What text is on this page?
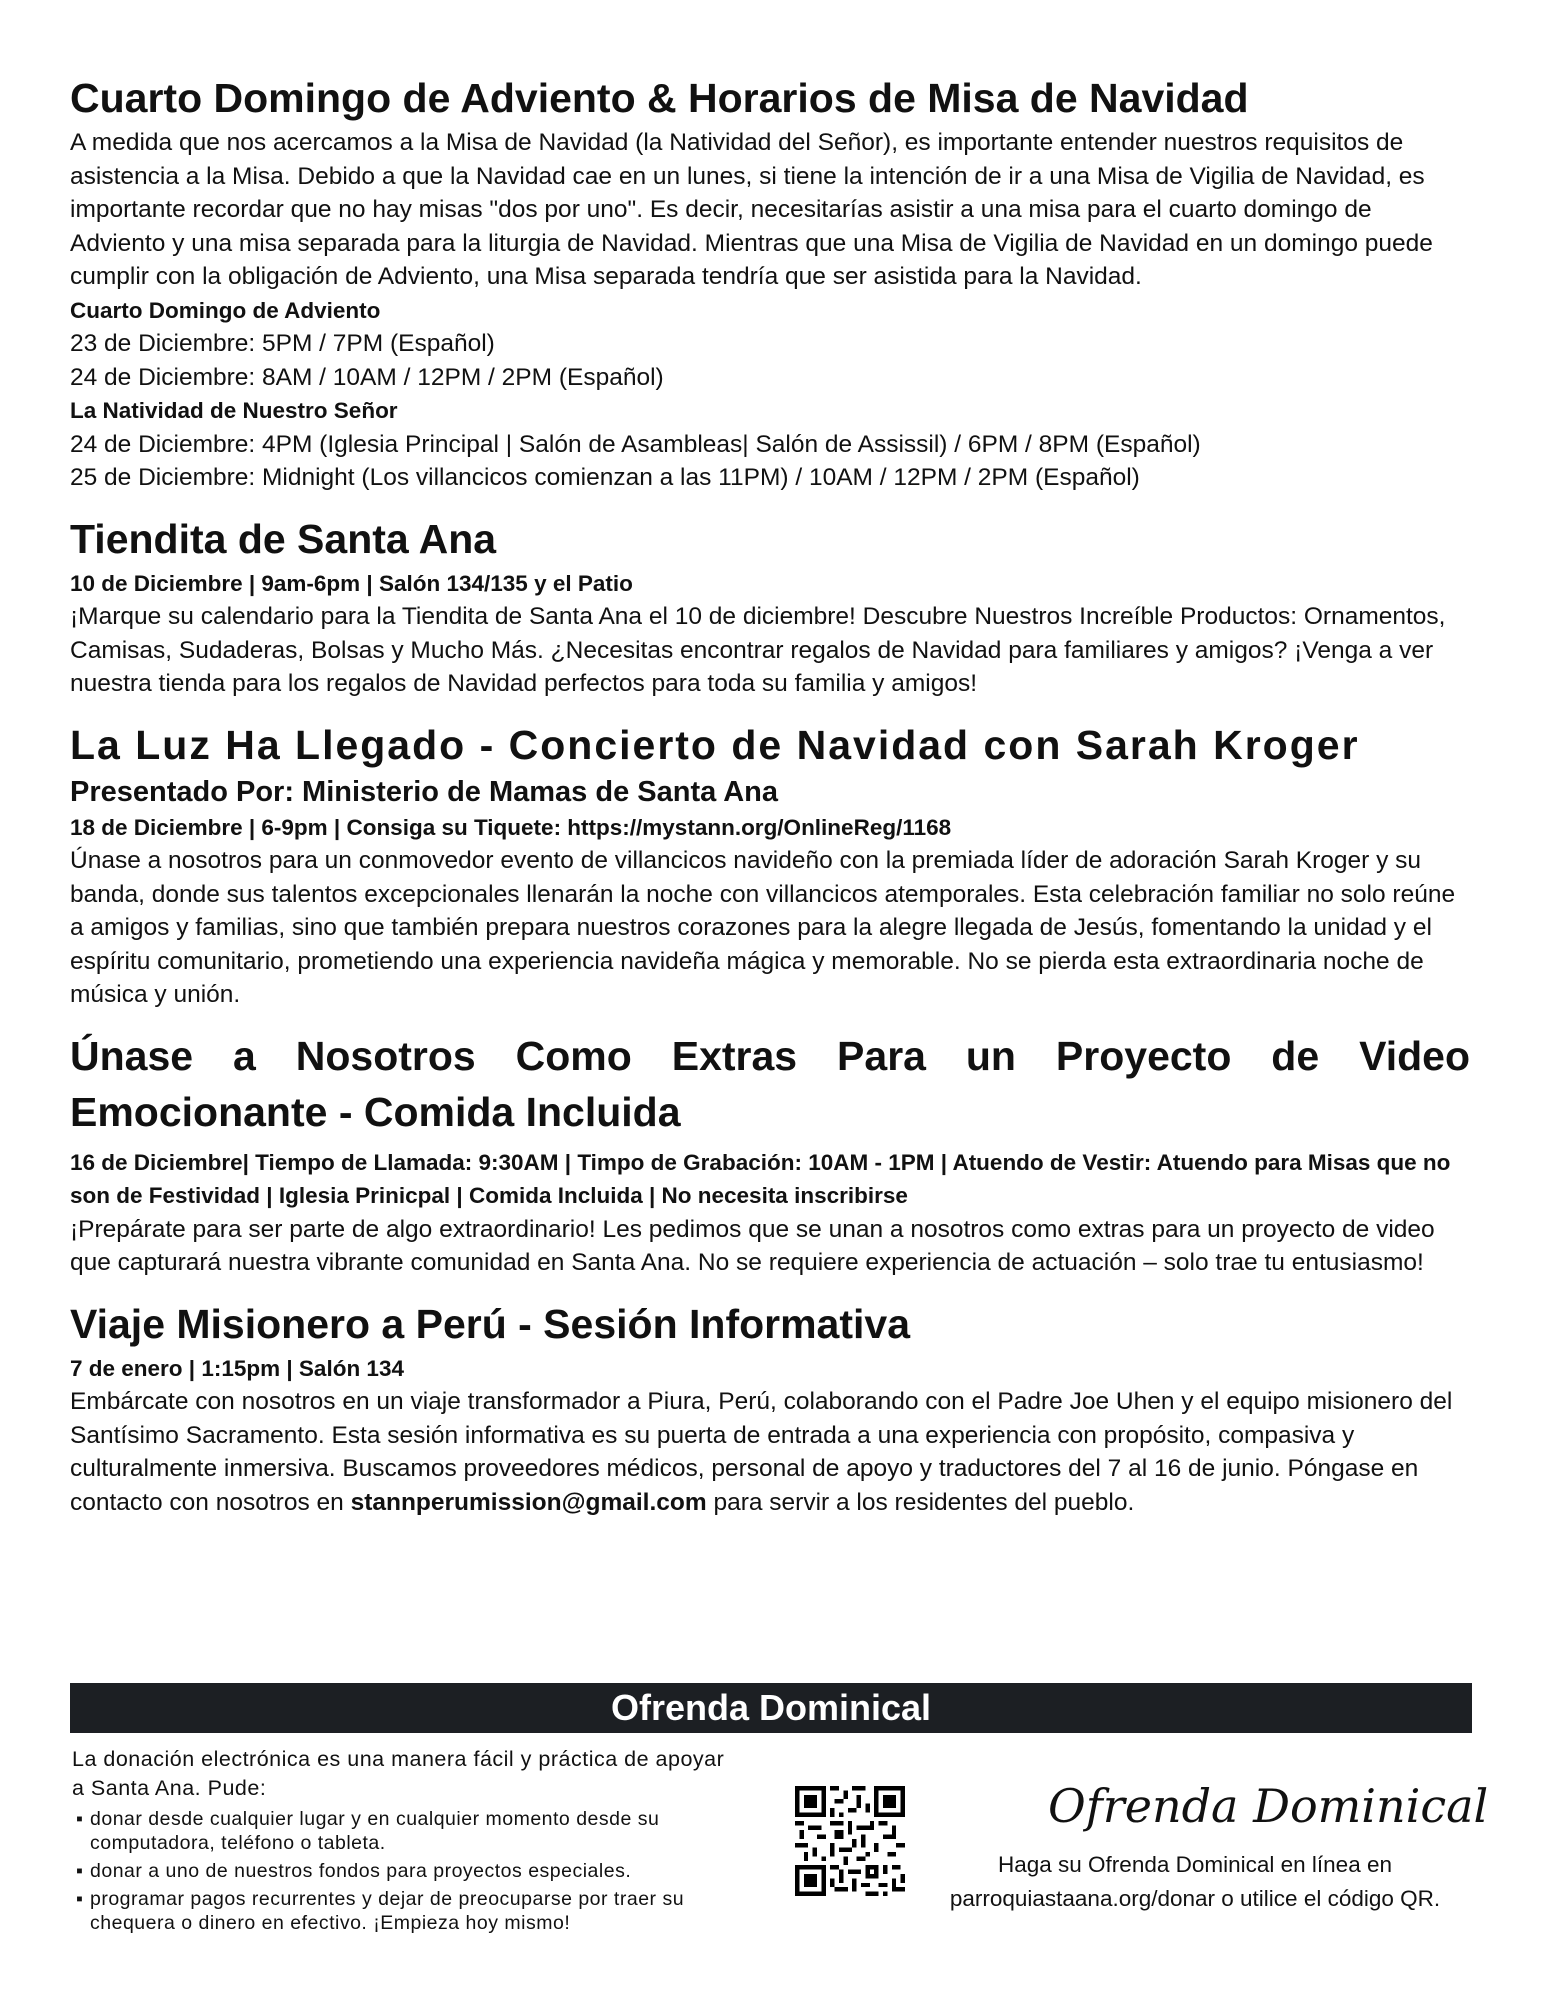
Cuarto Domingo de Adviento & Horarios de Misa de Navidad

A medida que nos acercamos a la Misa de Navidad (la Natividad del Señor), es importante entender nuestros requisitos de asistencia a la Misa. Debido a que la Navidad cae en un lunes, si tiene la intención de ir a una Misa de Vigilia de Navidad, es importante recordar que no hay misas "dos por uno". Es decir, necesitarías asistir a una misa para el cuarto domingo de Adviento y una misa separada para la liturgia de Navidad. Mientras que una Misa de Vigilia de Navidad en un domingo puede cumplir con la obligación de Adviento, una Misa separada tendría que ser asistida para la Navidad.

Cuarto Domingo de Adviento

23 de Diciembre: 5PM / 7PM (Español)

24 de Diciembre: 8AM / 10AM / 12PM / 2PM (Español)

La Natividad de Nuestro Señor

24 de Diciembre: 4PM (Iglesia Principal | Salón de Asambleas| Salón de Assissil) / 6PM / 8PM (Español)

25 de Diciembre: Midnight (Los villancicos comienzan a las 11PM) / 10AM / 12PM / 2PM (Español)

Tiendita de Santa Ana

10 de Diciembre | 9am-6pm | Salón 134/135 y el Patio

¡Marque su calendario para la Tiendita de Santa Ana el 10 de diciembre! Descubre Nuestros Increíble Productos: Ornamentos, Camisas, Sudaderas, Bolsas y Mucho Más. ¿Necesitas encontrar regalos de Navidad para familiares y amigos? ¡Venga a ver nuestra tienda para los regalos de Navidad perfectos para toda su familia y amigos!

La Luz Ha Llegado - Concierto de Navidad con Sarah Kroger

Presentado Por: Ministerio de Mamas de Santa Ana

18 de Diciembre | 6-9pm | Consiga su Tiquete: https://mystann.org/OnlineReg/1168

Únase a nosotros para un conmovedor evento de villancicos navideño con la premiada líder de adoración Sarah Kroger y su banda, donde sus talentos excepcionales llenarán la noche con villancicos atemporales. Esta celebración familiar no solo reúne a amigos y familias, sino que también prepara nuestros corazones para la alegre llegada de Jesús, fomentando la unidad y el espíritu comunitario, prometiendo una experiencia navideña mágica y memorable. No se pierda esta extraordinaria noche de música y unión.

Únase a Nosotros Como Extras Para un Proyecto de Video
Emocionante - Comida Incluida

16 de Diciembre| Tiempo de Llamada: 9:30AM | Timpo de Grabación: 10AM - 1PM | Atuendo de Vestir: Atuendo para Misas que no son de Festividad | Iglesia Prinicpal | Comida Incluida | No necesita inscribirse

¡Prepárate para ser parte de algo extraordinario! Les pedimos que se unan a nosotros como extras para un proyecto de video que capturará nuestra vibrante comunidad en Santa Ana. No se requiere experiencia de actuación – solo trae tu entusiasmo!

Viaje Misionero a Perú - Sesión Informativa

7 de enero | 1:15pm | Salón 134

Embárcate con nosotros en un viaje transformador a Piura, Perú, colaborando con el Padre Joe Uhen y el equipo misionero del Santísimo Sacramento. Esta sesión informativa es su puerta de entrada a una experiencia con propósito, compasiva y culturalmente inmersiva. Buscamos proveedores médicos, personal de apoyo y traductores del 7 al 16 de junio. Póngase en contacto con nosotros en stannperumission@gmail.com para servir a los residentes del pueblo.

Ofrenda Dominical
La donación electrónica es una manera fácil y práctica de apoyar a Santa Ana. Pude:
▪ donar desde cualquier lugar y en cualquier momento desde su computadora, teléfono o tableta.
▪ donar a uno de nuestros fondos para proyectos especiales.
▪ programar pagos recurrentes y dejar de preocuparse por traer su chequera o dinero en efectivo. ¡Empieza hoy mismo!
Ofrenda Dominical
Haga su Ofrenda Dominical en línea en
parroquiastaana.org/donar o utilice el código QR.
